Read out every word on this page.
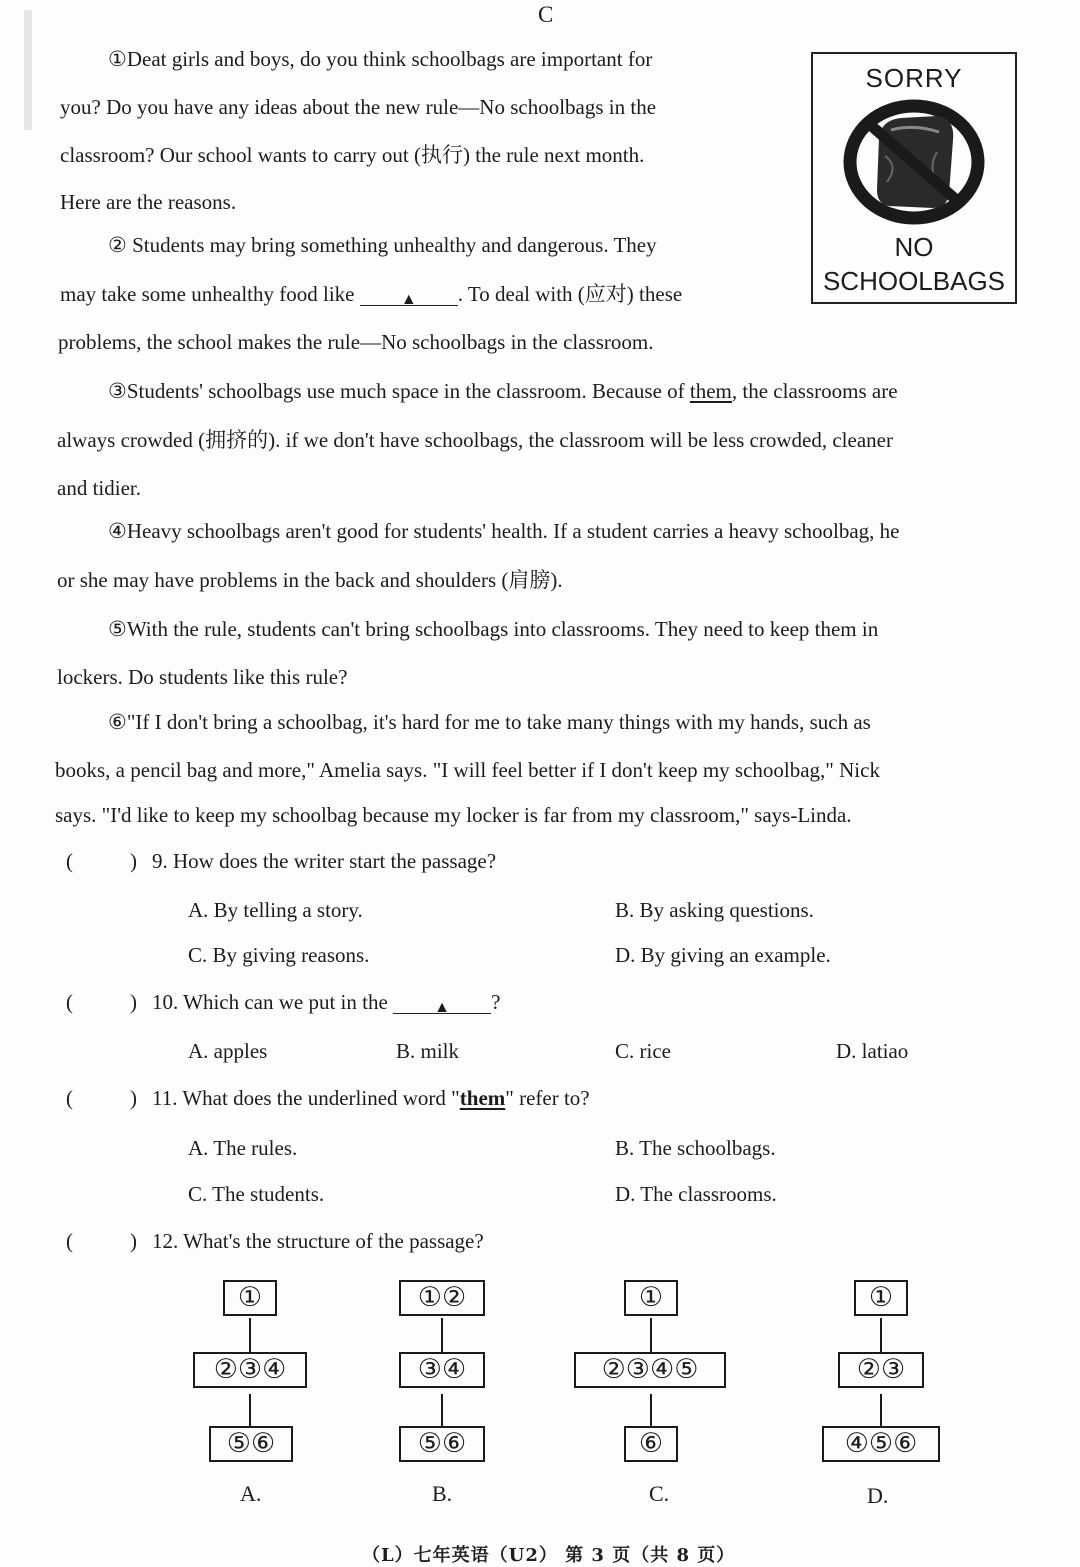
C
SORRY
NO
SCHOOLBAGS
①Deat girls and boys, do you think schoolbags are important for
you? Do you have any ideas about the new rule—No schoolbags in the
classroom? Our school wants to carry out (执行) the rule next month.
Here are the reasons.
② Students may bring something unhealthy and dangerous. They
may take some unhealthy food like	▲ . To deal with (应对) these
problems, the school makes the rule—No schoolbags in the classroom.
③Students' schoolbags use much space in the classroom. Because of them, the classrooms are
always crowded (拥挤的). if we don't have schoolbags, the classroom will be less crowded, cleaner
and tidier.
④Heavy schoolbags aren't good for students' health. If a student carries a heavy schoolbag, he
or she may have problems in the back and shoulders (肩膀).
⑤With the rule, students can't bring schoolbags into classrooms. They need to keep them in
lockers. Do students like this rule?
⑥"If I don't bring a schoolbag, it's hard for me to take many things with my hands, such as
books, a pencil bag and more," Amelia says. "I will feel better if I don't keep my schoolbag," Nick
says. "I'd like to keep my schoolbag because my locker is far from my classroom," says-Linda.
(	) 9. How does the writer start the passage?
A. By telling a story.	B. By asking questions.
C. By giving reasons.	D. By giving an example.
(	) 10. Which can we put in the	▲ ?
A. apples	B. milk	C. rice	D. latiao
(	) 11. What does the underlined word "them" refer to?
A. The rules.	B. The schoolbags.
C. The students.	D. The classrooms.
(	) 12. What's the structure of the passage?
①
②③④
⑤⑥
A.
①②
③④
⑤⑥
B.
①
②③④⑤
⑥
C.
①
②③
④⑤⑥
D.
（L）七年英语（U2） 第 3 页（共 8 页）
